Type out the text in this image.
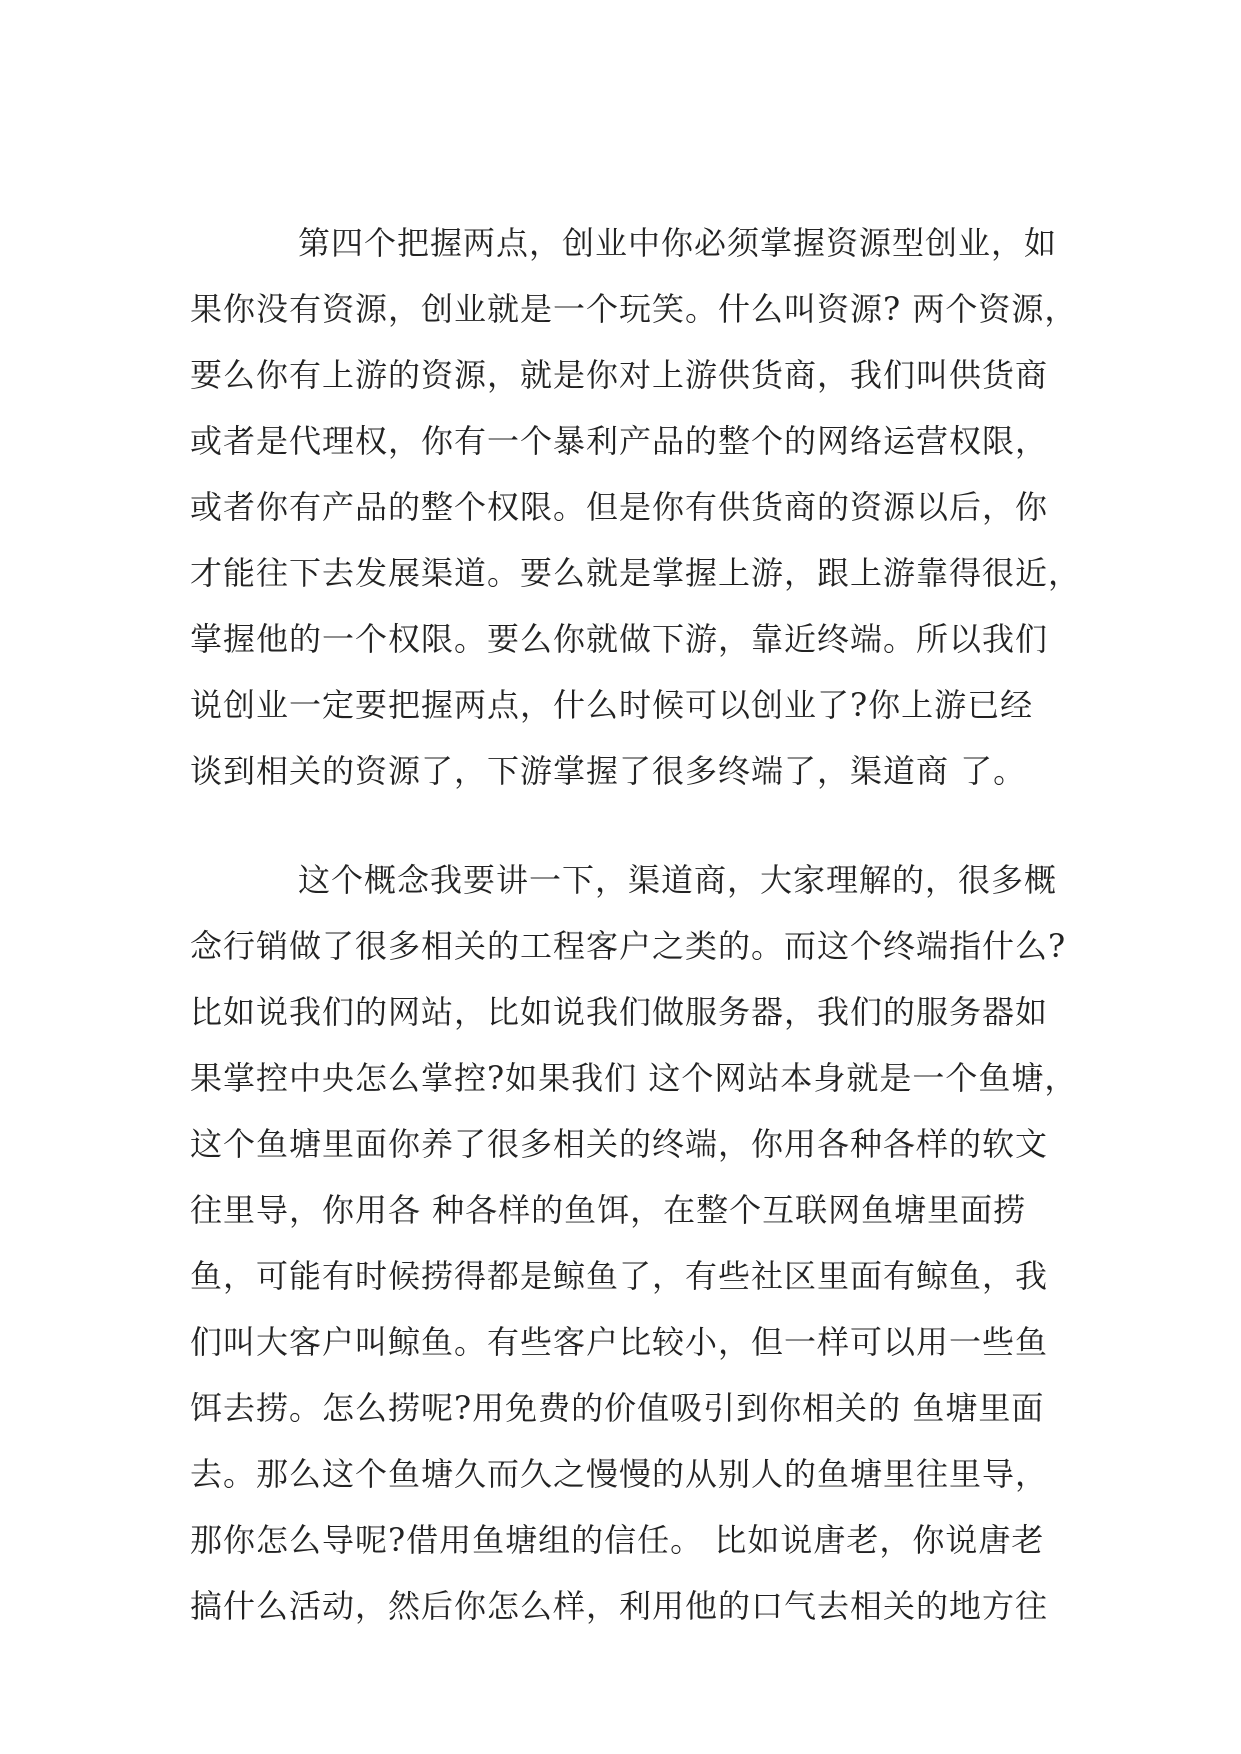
第四个把握两点，创业中你必须掌握资源型创业，如
果你没有资源，创业就是一个玩笑。什么叫资源? 两个资源，
要么你有上游的资源，就是你对上游供货商，我们叫供货商
或者是代理权，你有一个暴利产品的整个的网络运营权限，
或者你有产品的整个权限。但是你有供货商的资源以后，你
才能往下去发展渠道。要么就是掌握上游，跟上游靠得很近，
掌握他的一个权限。要么你就做下游，靠近终端。所以我们
说创业一定要把握两点，什么时候可以创业了?你上游已经
谈到相关的资源了，下游掌握了很多终端了，渠道商 了。
这个概念我要讲一下，渠道商，大家理解的，很多概
念行销做了很多相关的工程客户之类的。而这个终端指什么?
比如说我们的网站，比如说我们做服务器，我们的服务器如
果掌控中央怎么掌控?如果我们 这个网站本身就是一个鱼塘，
这个鱼塘里面你养了很多相关的终端，你用各种各样的软文
往里导，你用各 种各样的鱼饵，在整个互联网鱼塘里面捞
鱼，可能有时候捞得都是鲸鱼了，有些社区里面有鲸鱼，我
们叫大客户叫鲸鱼。有些客户比较小，但一样可以用一些鱼
饵去捞。怎么捞呢?用免费的价值吸引到你相关的 鱼塘里面
去。那么这个鱼塘久而久之慢慢的从别人的鱼塘里往里导，
那你怎么导呢?借用鱼塘组的信任。 比如说唐老，你说唐老
搞什么活动，然后你怎么样，利用他的口气去相关的地方往
